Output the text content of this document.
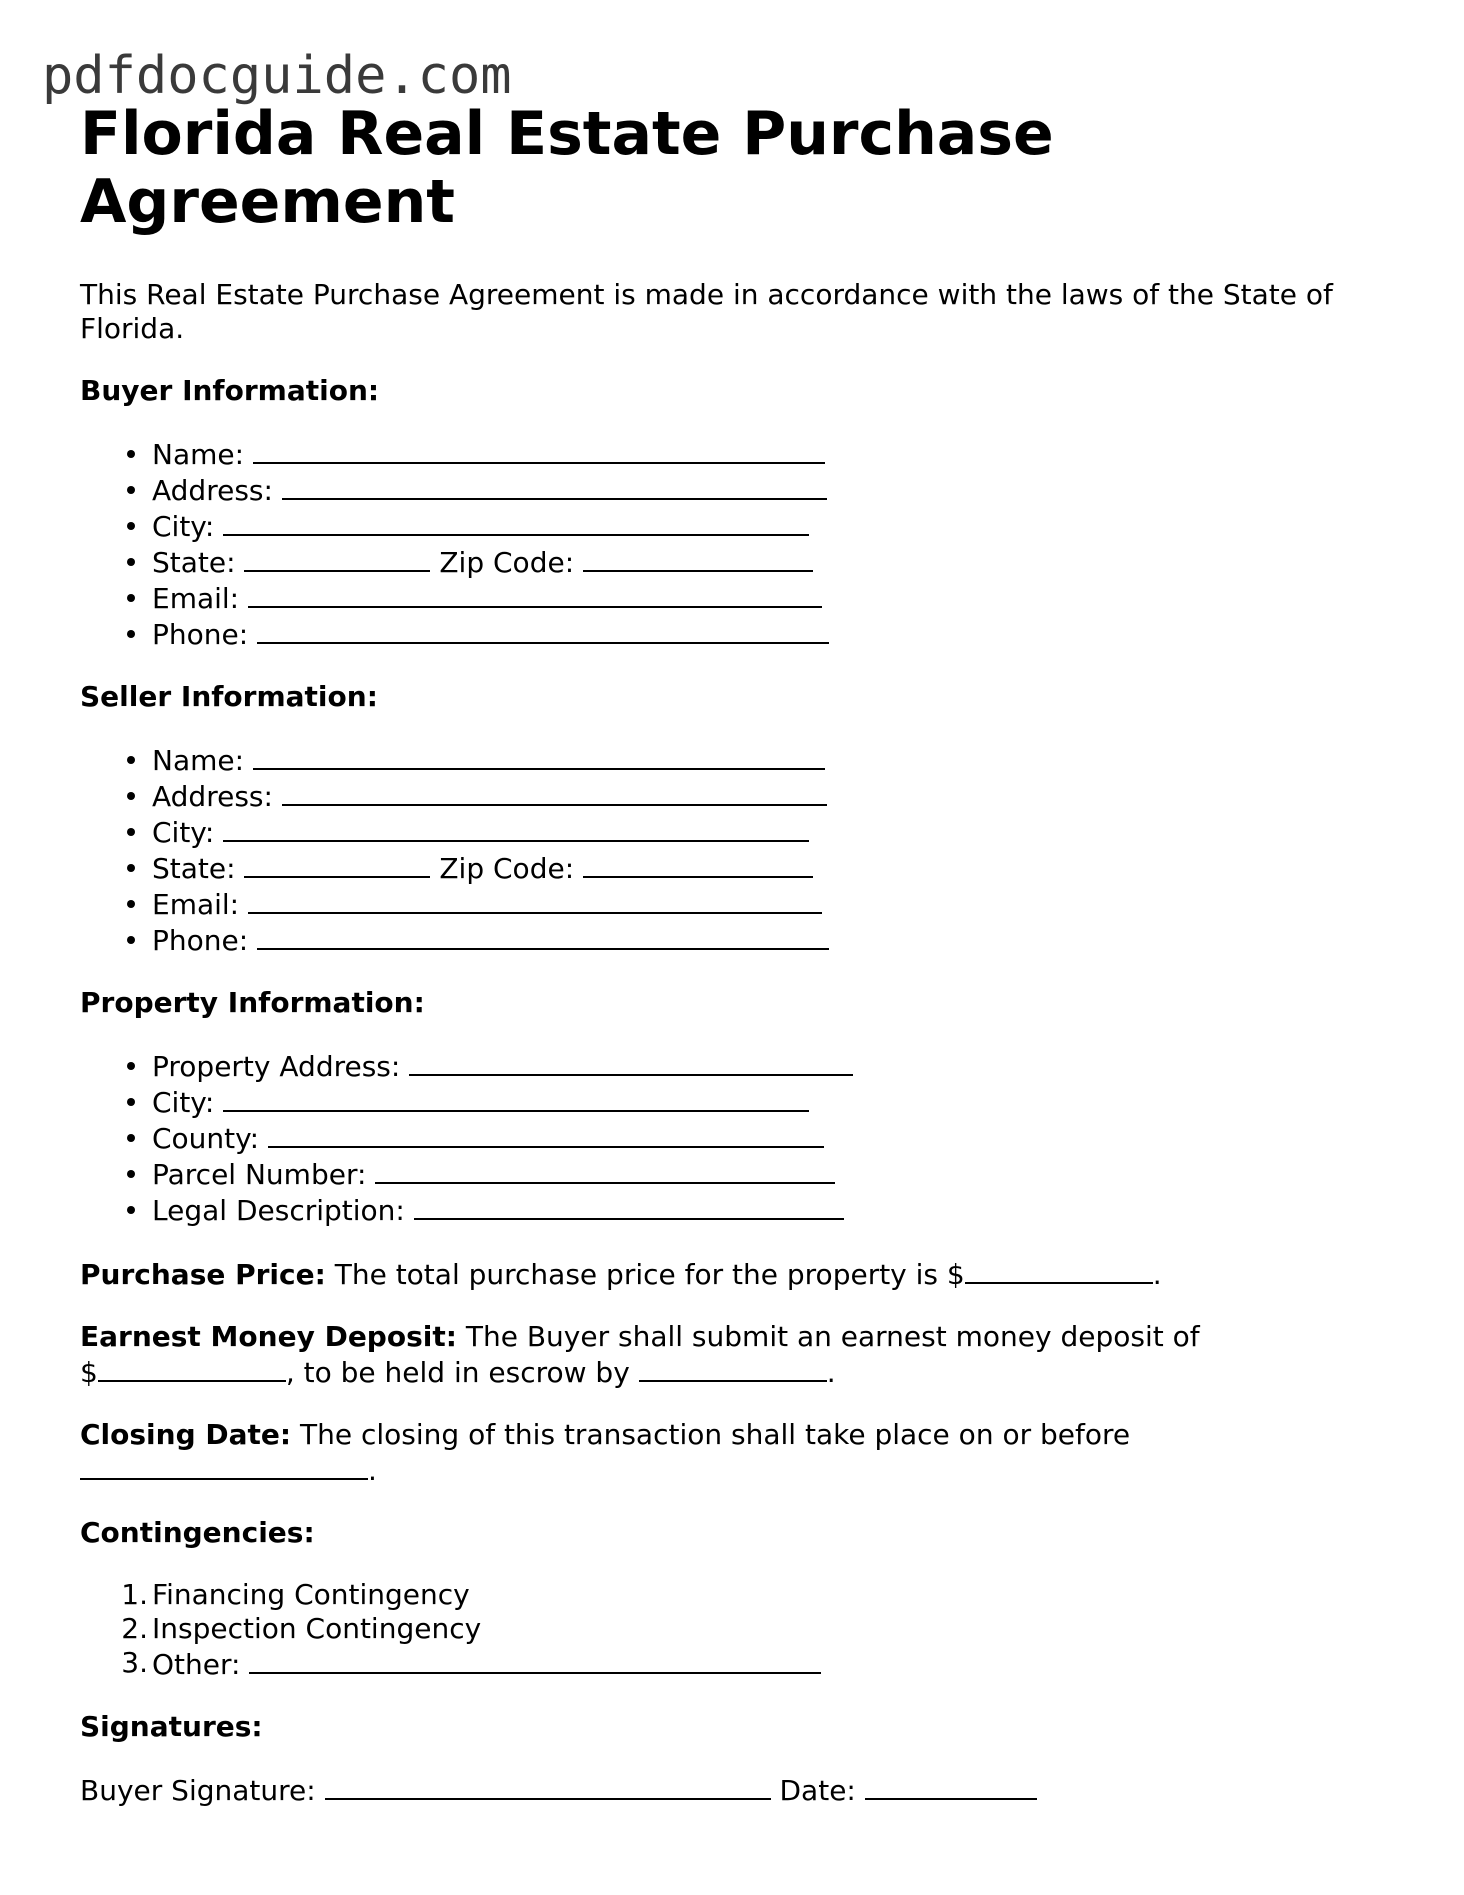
pdfdocguide.com
Florida Real Estate Purchase Agreement

This Real Estate Purchase Agreement is made in accordance with the laws of the State of Florida.

Buyer Information:

Name:
Address:
City:
State:	Zip Code:
Email:
Phone:

Seller Information:

Name:
Address:
City:
State:	Zip Code:
Email:
Phone:

Property Information:

Property Address:
City:
County:
Parcel Number:
Legal Description:

Purchase Price: The total purchase price for the property is $	.

Earnest Money Deposit: The Buyer shall submit an earnest money deposit of
$	, to be held in escrow by	.

Closing Date: The closing of this transaction shall take place on or before
.

Contingencies:

1. Financing Contingency
2. Inspection Contingency
3. Other:

Signatures:

Buyer Signature:	Date:
